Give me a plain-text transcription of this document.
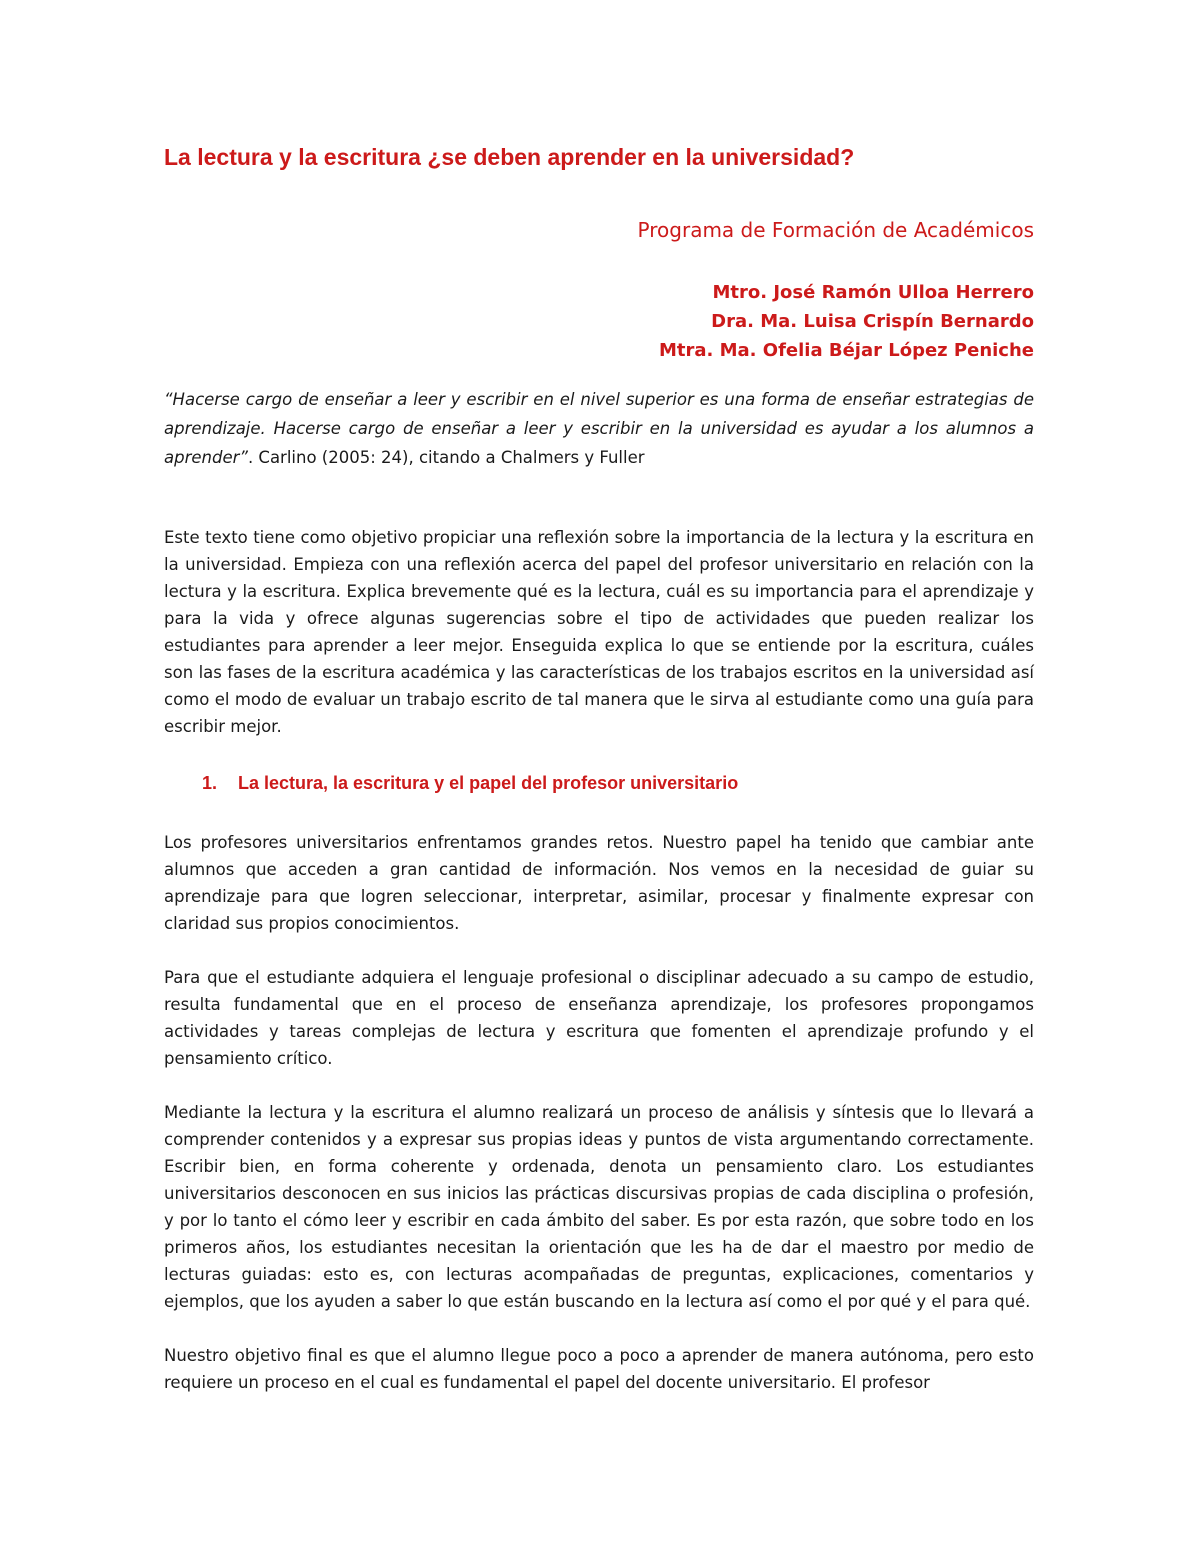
La lectura y la escritura ¿se deben aprender en la universidad?
Programa de Formación de Académicos
Mtro. José Ramón Ulloa Herrero
Dra. Ma. Luisa Crispín Bernardo
Mtra. Ma. Ofelia Béjar López Peniche

“Hacerse cargo de enseñar a leer y escribir en el nivel superior es una forma de enseñar estrategias de aprendizaje. Hacerse cargo de enseñar a leer y escribir en la universidad es ayudar a los alumnos a aprender”. Carlino (2005: 24), citando a Chalmers y Fuller

Este texto tiene como objetivo propiciar una reflexión sobre la importancia de la lectura y la escritura en la universidad. Empieza con una reflexión acerca del papel del profesor universitario en relación con la lectura y la escritura. Explica brevemente qué es la lectura, cuál es su importancia para el aprendizaje y para la vida y ofrece algunas sugerencias sobre el tipo de actividades que pueden realizar los estudiantes para aprender a leer mejor. Enseguida explica lo que se entiende por la escritura, cuáles son las fases de la escritura académica y las características de los trabajos escritos en la universidad así como el modo de evaluar un trabajo escrito de tal manera que le sirva al estudiante como una guía para escribir mejor.

1.	La lectura, la escritura y el papel del profesor universitario

Los profesores universitarios enfrentamos grandes retos. Nuestro papel ha tenido que cambiar ante alumnos que acceden a gran cantidad de información. Nos vemos en la necesidad de guiar su aprendizaje para que logren seleccionar, interpretar, asimilar, procesar y finalmente expresar con claridad sus propios conocimientos.

Para que el estudiante adquiera el lenguaje profesional o disciplinar adecuado a su campo de estudio, resulta fundamental que en el proceso de enseñanza aprendizaje, los profesores propongamos actividades y tareas complejas de lectura y escritura que fomenten el aprendizaje profundo y el pensamiento crítico.

Mediante la lectura y la escritura el alumno realizará un proceso de análisis y síntesis que lo llevará a comprender contenidos y a expresar sus propias ideas y puntos de vista argumentando correctamente. Escribir bien, en forma coherente y ordenada, denota un pensamiento claro. Los estudiantes universitarios desconocen en sus inicios las prácticas discursivas propias de cada disciplina o profesión, y por lo tanto el cómo leer y escribir en cada ámbito del saber. Es por esta razón, que sobre todo en los primeros años, los estudiantes necesitan la orientación que les ha de dar el maestro por medio de lecturas guiadas: esto es, con lecturas acompañadas de preguntas, explicaciones, comentarios y ejemplos, que los ayuden a saber lo que están buscando en la lectura así como el por qué y el para qué.

Nuestro objetivo final es que el alumno llegue poco a poco a aprender de manera autónoma, pero esto requiere un proceso en el cual es fundamental el papel del docente universitario. El profesor
